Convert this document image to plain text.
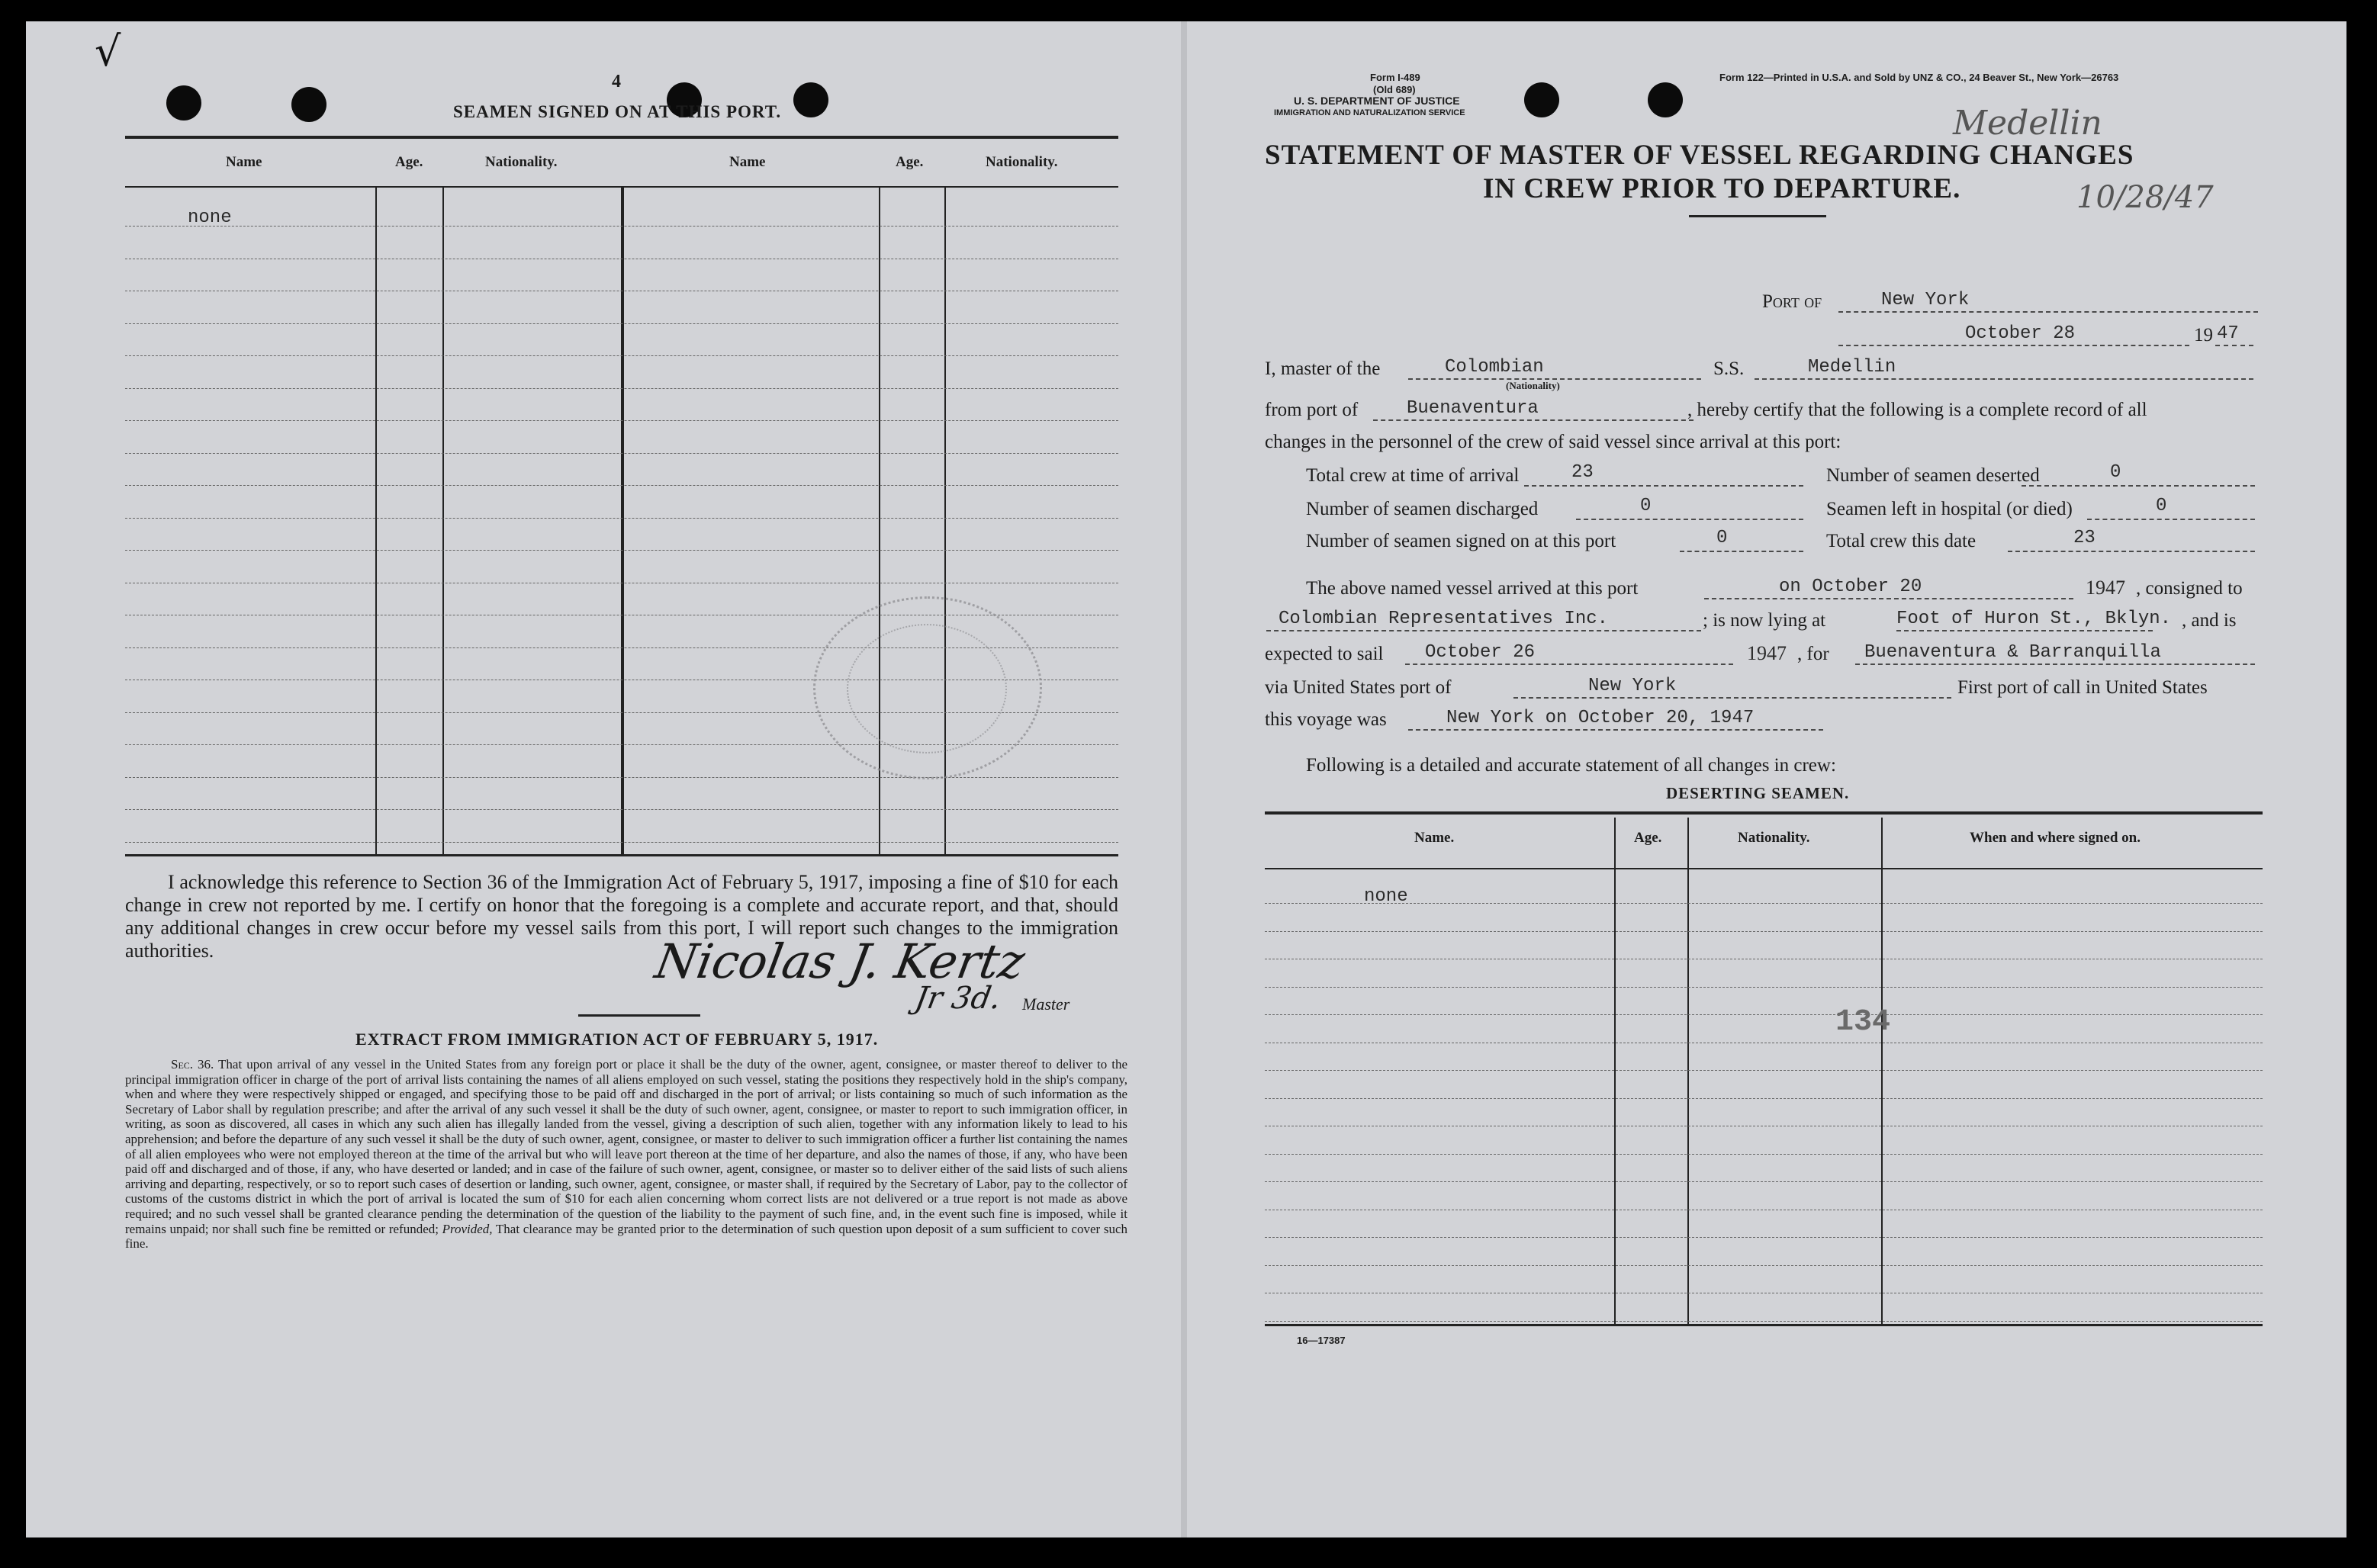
√
4
SEAMEN SIGNED ON AT THIS PORT.
Name	Age.	Nationality.	Name	Age.	Nationality.
none
I acknowledge this reference to Section 36 of the Immigration Act of February 5, 1917, imposing a fine of $10 for each change in crew not reported by me. I certify on honor that the foregoing is a complete and accurate report, and that, should any additional changes in crew occur before my vessel sails from this port, I will report such changes to the immigration authorities.	Nicolas J. Kertz
Jr 3d. Master
EXTRACT FROM IMMIGRATION ACT OF FEBRUARY 5, 1917.
Sec. 36. That upon arrival of any vessel in the United States from any foreign port or place it shall be the duty of the owner, agent, consignee, or master thereof to deliver to the principal immigration officer in charge of the port of arrival lists containing the names of all aliens employed on such vessel, stating the positions they respectively hold in the ship's company, when and where they were respectively shipped or engaged, and specifying those to be paid off and discharged in the port of arrival; or lists containing so much of such information as the Secretary of Labor shall by regulation prescribe; and after the arrival of any such vessel it shall be the duty of such owner, agent, consignee, or master to report to such immigration officer, in writing, as soon as discovered, all cases in which any such alien has illegally landed from the vessel, giving a description of such alien, together with any information likely to lead to his apprehension; and before the departure of any such vessel it shall be the duty of such owner, agent, consignee, or master to deliver to such immigration officer a further list containing the names of all alien employees who were not employed thereon at the time of the arrival but who will leave port thereon at the time of her departure, and also the names of those, if any, who have been paid off and discharged and of those, if any, who have deserted or landed; and in case of the failure of such owner, agent, consignee, or master so to deliver either of the said lists of such aliens arriving and departing, respectively, or so to report such cases of desertion or landing, such owner, agent, consignee, or master shall, if required by the Secretary of Labor, pay to the collector of customs of the customs district in which the port of arrival is located the sum of $10 for each alien concerning whom correct lists are not delivered or a true report is not made as above required; and no such vessel shall be granted clearance pending the determination of the question of the liability to the payment of such fine, and, in the event such fine is imposed, while it remains unpaid; nor shall such fine be remitted or refunded; Provided, That clearance may be granted prior to the determination of such question upon deposit of a sum sufficient to cover such fine.
Form I-489
(Old 689)
U. S. DEPARTMENT OF JUSTICE
IMMIGRATION AND NATURALIZATION SERVICE
Form 122—Printed in U.S.A. and Sold by UNZ & CO., 24 Beaver St., New York—26763
Medellin
10/28/47
STATEMENT OF MASTER OF VESSEL REGARDING CHANGES
IN CREW PRIOR TO DEPARTURE.
Port of	New York
October 28	19 47
I, master of the	Colombian
(Nationality)
S.S.	Medellin
from port of	Buenaventura	, hereby certify that the following is a complete record of all
changes in the personnel of the crew of said vessel since arrival at this port:
Total crew at time of arrival	23	Number of seamen deserted	0
Number of seamen discharged	0	Seamen left in hospital (or died)	0
Number of seamen signed on at this port	0	Total crew this date	23
The above named vessel arrived at this port	on October 20	1947 , consigned to
Colombian Representatives Inc.	; is now lying at	Foot of Huron St., Bklyn. , and is
expected to sail October 26	1947 , for Buenaventura & Barranquilla
via United States port of	New York	First port of call in United States
this voyage was	New York on October 20, 1947
Following is a detailed and accurate statement of all changes in crew:
DESERTING SEAMEN.
Name.	Age.	Nationality.	When and where signed on.
none
134
16—17387
